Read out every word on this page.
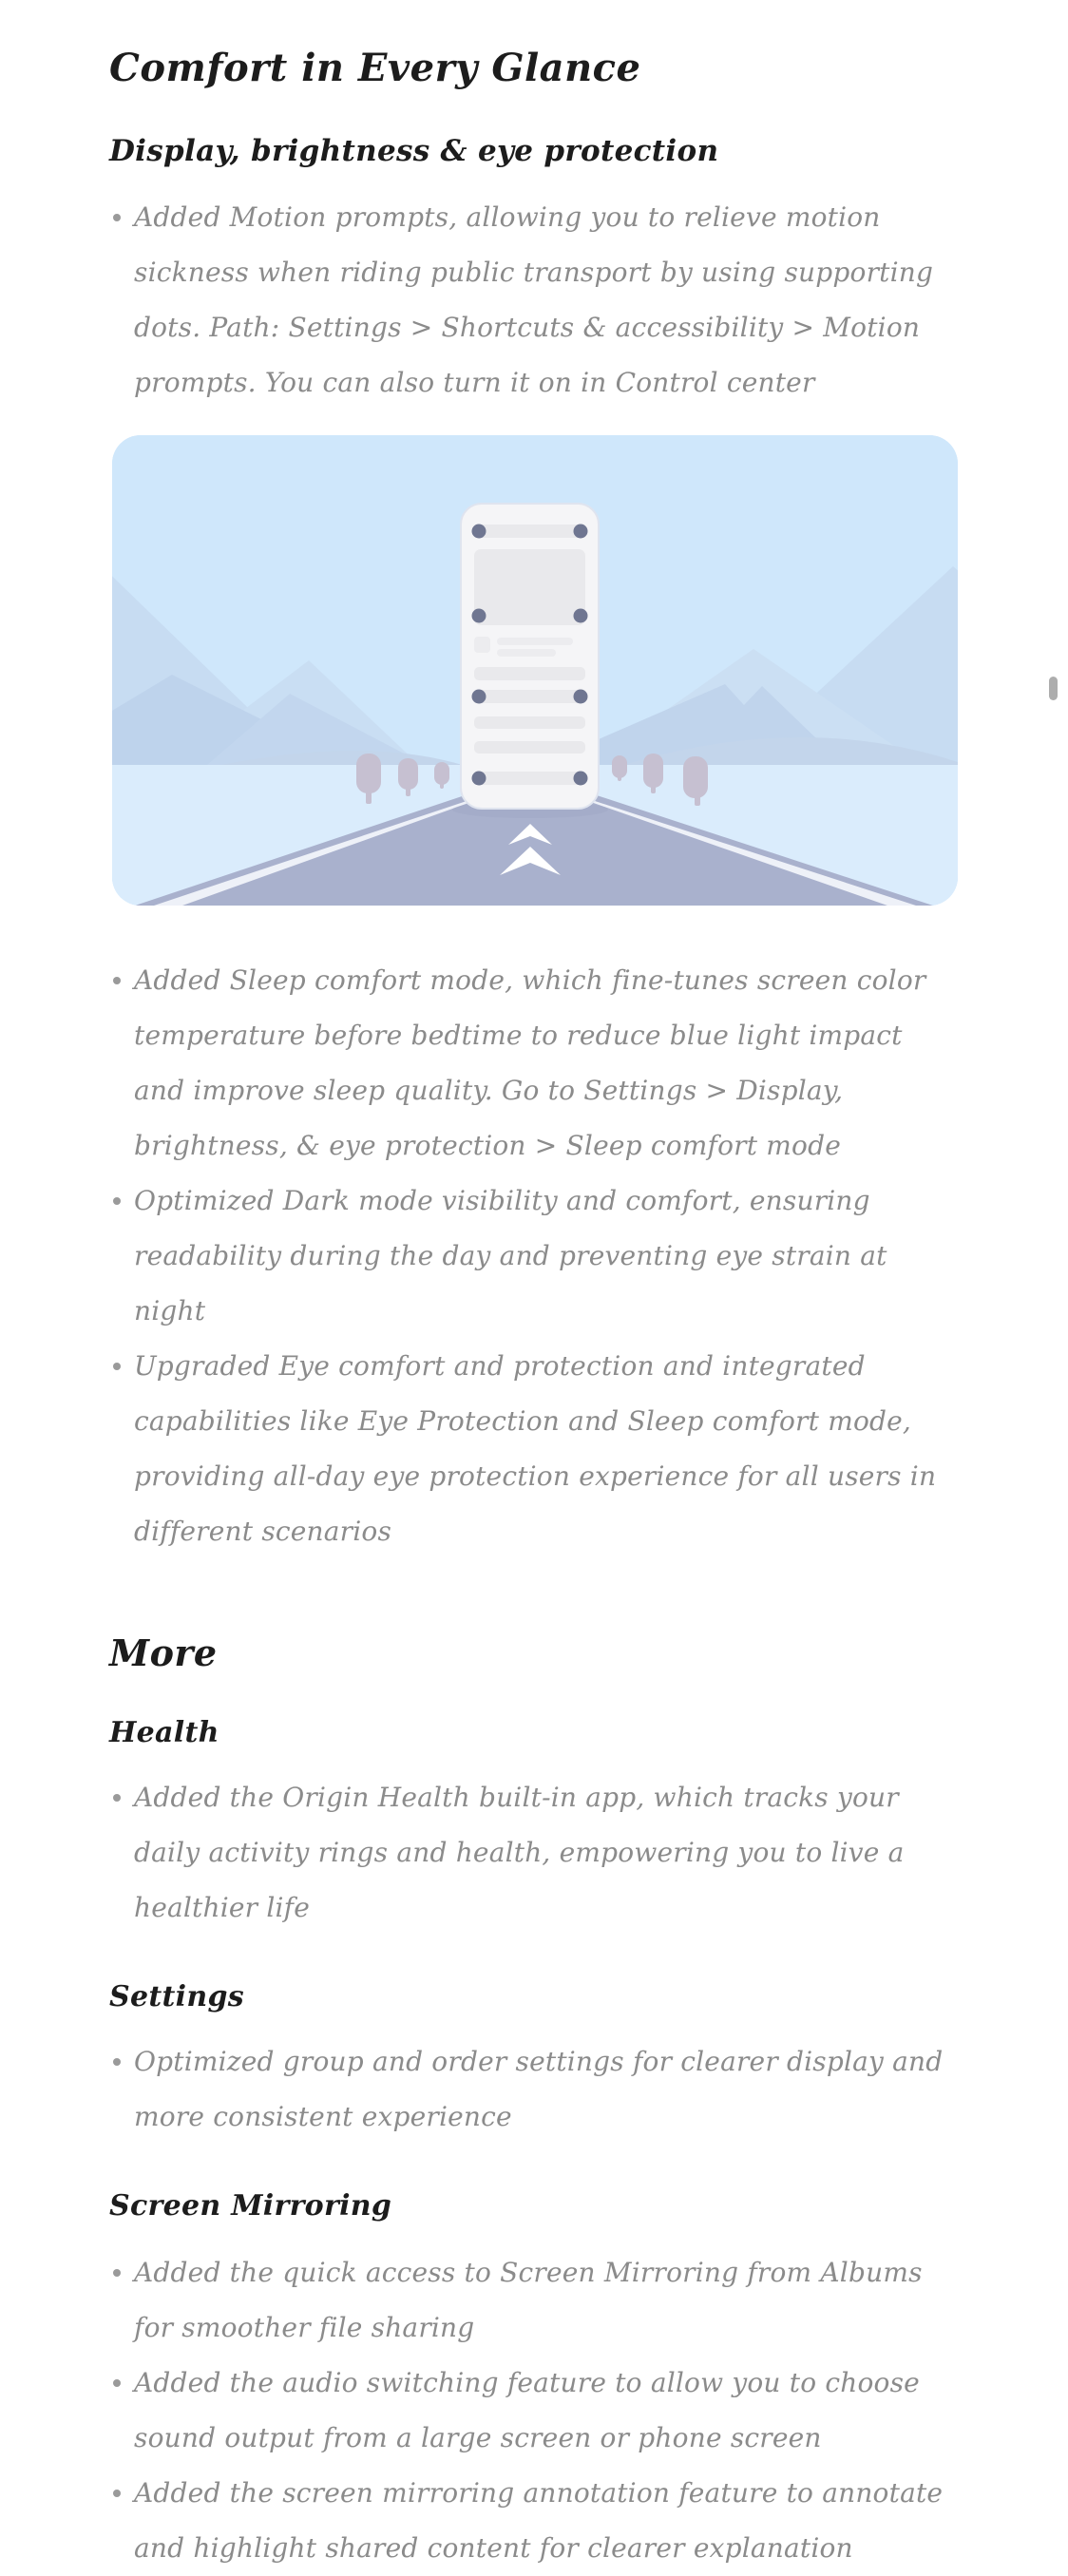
Comfort in Every Glance
Display, brightness & eye protection
Added Motion prompts, allowing you to relieve motion sickness when riding public transport by using supporting dots. Path: Settings > Shortcuts & accessibility > Motion prompts. You can also turn it on in Control center
Added Sleep comfort mode, which fine-tunes screen color temperature before bedtime to reduce blue light impact and improve sleep quality. Go to Settings > Display, brightness, & eye protection > Sleep comfort mode
Optimized Dark mode visibility and comfort, ensuring readability during the day and preventing eye strain at night
Upgraded Eye comfort and protection and integrated capabilities like Eye Protection and Sleep comfort mode, providing all-day eye protection experience for all users in different scenarios
More
Health
Added the Origin Health built-in app, which tracks your daily activity rings and health, empowering you to live a healthier life
Settings
Optimized group and order settings for clearer display and more consistent experience
Screen Mirroring
Added the quick access to Screen Mirroring from Albums for smoother file sharing
Added the audio switching feature to allow you to choose sound output from a large screen or phone screen
Added the screen mirroring annotation feature to annotate and highlight shared content for clearer explanation
